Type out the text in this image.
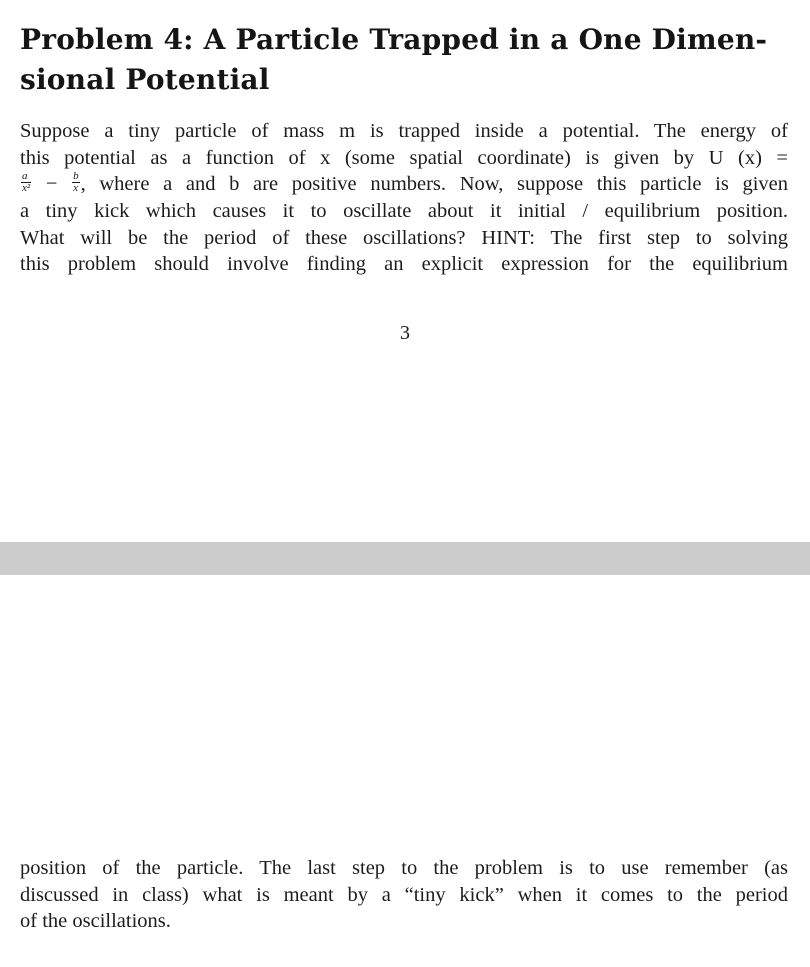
Problem 4: A Particle Trapped in a One Dimen-
sional Potential
Suppose a tiny particle of mass m is trapped inside a potential. The energy of
this potential as a function of x (some spatial coordinate) is given by U (x) =
$\frac{a}{\text{x²}} - \frac{b}{x}$ , where a and b are positive numbers. Now, suppose this particle is given
a tiny kick which causes it to oscillate about it initial / equilibrium position.
What will be the period of these oscillations? HINT: The first step to solving
this problem should involve finding an explicit expression for the equilibrium
3
position of the particle. The last step to the problem is to use remember (as
discussed in class) what is meant by a “tiny kick” when it comes to the period
of the oscillations.
